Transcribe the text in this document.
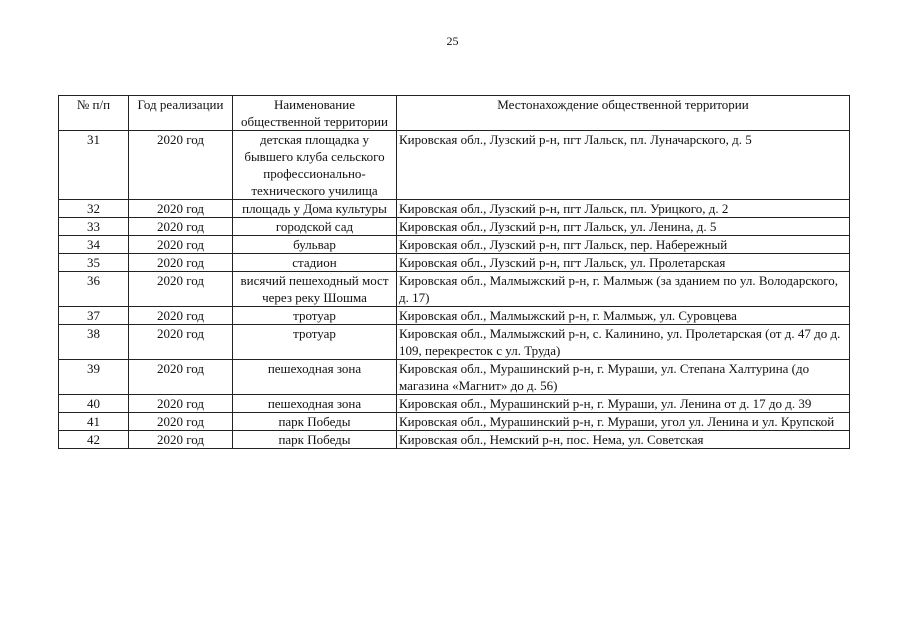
25
№ п/п	Год реализации	Наименование общественной территории	Местонахождение общественной территории
31	2020 год	детская площадка у бывшего клуба сельского профессионально-технического училища	Кировская обл., Лузский р-н, пгт Лальск, пл. Луначарского, д. 5
32	2020 год	площадь у Дома культуры	Кировская обл., Лузский р-н, пгт Лальск, пл. Урицкого, д. 2
33	2020 год	городской сад	Кировская обл., Лузский р-н, пгт Лальск, ул. Ленина, д. 5
34	2020 год	бульвар	Кировская обл., Лузский р-н, пгт Лальск, пер. Набережный
35	2020 год	стадион	Кировская обл., Лузский р-н, пгт Лальск, ул. Пролетарская
36	2020 год	висячий пешеходный мост через реку Шошма	Кировская обл., Малмыжский р-н, г. Малмыж (за зданием по ул. Володарского, д. 17)
37	2020 год	тротуар	Кировская обл., Малмыжский р-н, г. Малмыж, ул. Суровцева
38	2020 год	тротуар	Кировская обл., Малмыжский р-н, с. Калинино, ул. Пролетарская (от д. 47 до д. 109, перекресток с ул. Труда)
39	2020 год	пешеходная зона	Кировская обл., Мурашинский р-н, г. Мураши, ул. Степана Халтурина (до магазина «Магнит» до д. 56)
40	2020 год	пешеходная зона	Кировская обл., Мурашинский р-н, г. Мураши, ул. Ленина от д. 17 до д. 39
41	2020 год	парк Победы	Кировская обл., Мурашинский р-н, г. Мураши, угол ул. Ленина и ул. Крупской
42	2020 год	парк Победы	Кировская обл., Немский р-н, пос. Нема, ул. Советская
